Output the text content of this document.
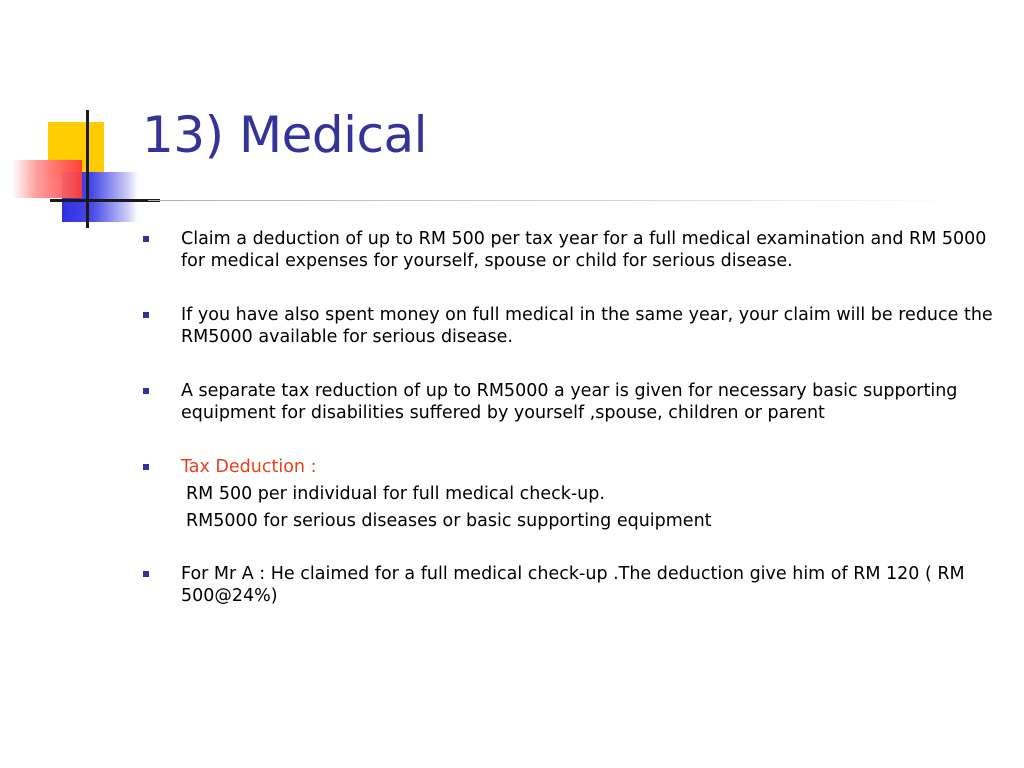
13) Medical
Claim a deduction of up to RM 500 per tax year for a full medical examination and RM 5000 for medical expenses for yourself, spouse or child for serious disease.
If you have also spent money on full medical in the same year, your claim will be reduce the RM5000 available for serious disease.
A separate tax reduction of up to RM5000 a year is given for necessary basic supporting equipment for disabilities suffered by yourself ,spouse, children or parent
Tax Deduction :
RM 500 per individual for full medical check-up.
RM5000 for serious diseases or basic supporting equipment
For Mr A : He claimed for a full medical check-up .The deduction give him of RM 120 ( RM 500@24%)
